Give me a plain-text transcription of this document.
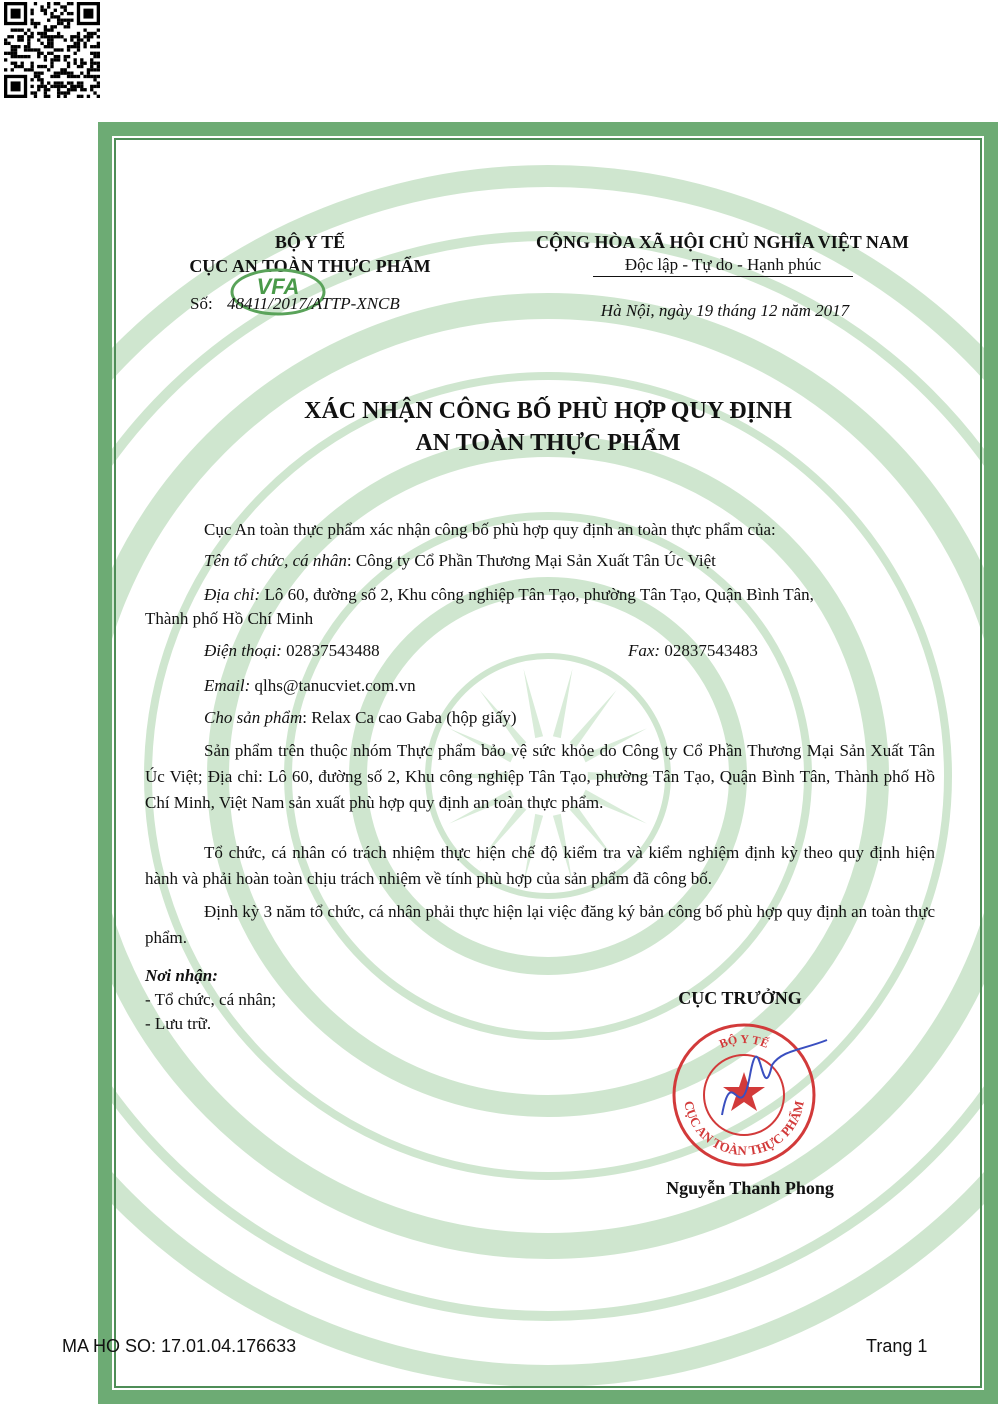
BỘ Y TẾ
CỤC AN TOÀN THỰC PHẨM
VFA
Số: 48411/2017/ATTP-XNCB
CỘNG HÒA XÃ HỘI CHỦ NGHĨA VIỆT NAM
Độc lập - Tự do - Hạnh phúc
Hà Nội, ngày 19 tháng 12 năm 2017
XÁC NHẬN CÔNG BỐ PHÙ HỢP QUY ĐỊNH
AN TOÀN THỰC PHẨM
Cục An toàn thực phẩm xác nhận công bố phù hợp quy định an toàn thực phẩm của:
Tên tổ chức, cá nhân: Công ty Cổ Phần Thương Mại Sản Xuất Tân Úc Việt
Địa chỉ: Lô 60, đường số 2, Khu công nghiệp Tân Tạo, phường Tân Tạo, Quận Bình Tân,
Thành phố Hồ Chí Minh
Điện thoại: 02837543488	Fax: 02837543483
Email: qlhs@tanucviet.com.vn
Cho sản phẩm: Relax Ca cao Gaba (hộp giấy)
Sản phẩm trên thuộc nhóm Thực phẩm bảo vệ sức khỏe do Công ty Cổ Phần Thương Mại Sản Xuất Tân Úc Việt; Địa chỉ: Lô 60, đường số 2, Khu công nghiệp Tân Tạo, phường Tân Tạo, Quận Bình Tân, Thành phố Hồ Chí Minh, Việt Nam sản xuất phù hợp quy định an toàn thực phẩm.
Tổ chức, cá nhân có trách nhiệm thực hiện chế độ kiểm tra và kiểm nghiệm định kỳ theo quy định hiện hành và phải hoàn toàn chịu trách nhiệm về tính phù hợp của sản phẩm đã công bố.
Định kỳ 3 năm tổ chức, cá nhân phải thực hiện lại việc đăng ký bản công bố phù hợp quy định an toàn thực phẩm.
Nơi nhận:
- Tổ chức, cá nhân;
- Lưu trữ.
CỤC TRƯỞNG
BỘ Y TẾ
CỤC AN TOÀN THỰC PHẨM
Nguyễn Thanh Phong
MA HO SO: 17.01.04.176633	Trang 1
